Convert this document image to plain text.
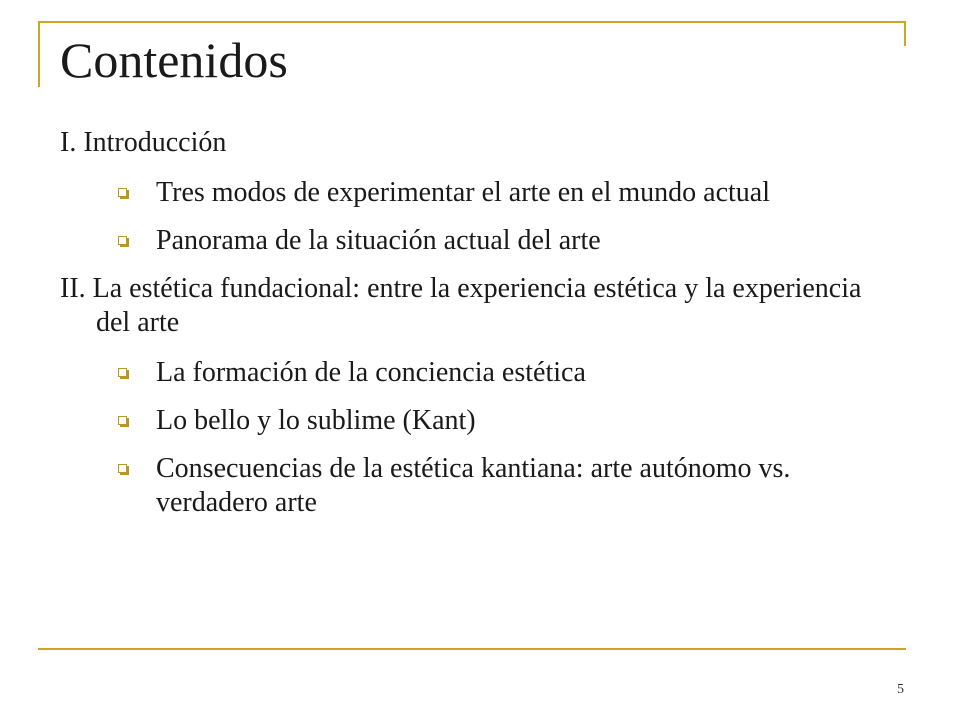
Contenidos

I. Introducción

Tres modos de experimentar el arte en el mundo actual
Panorama de la situación actual del arte

II. La estética fundacional: entre la experiencia estética y la experiencia del arte

La formación de la conciencia estética
Lo bello y lo sublime (Kant)
Consecuencias de la estética kantiana: arte autónomo vs. verdadero arte
5
